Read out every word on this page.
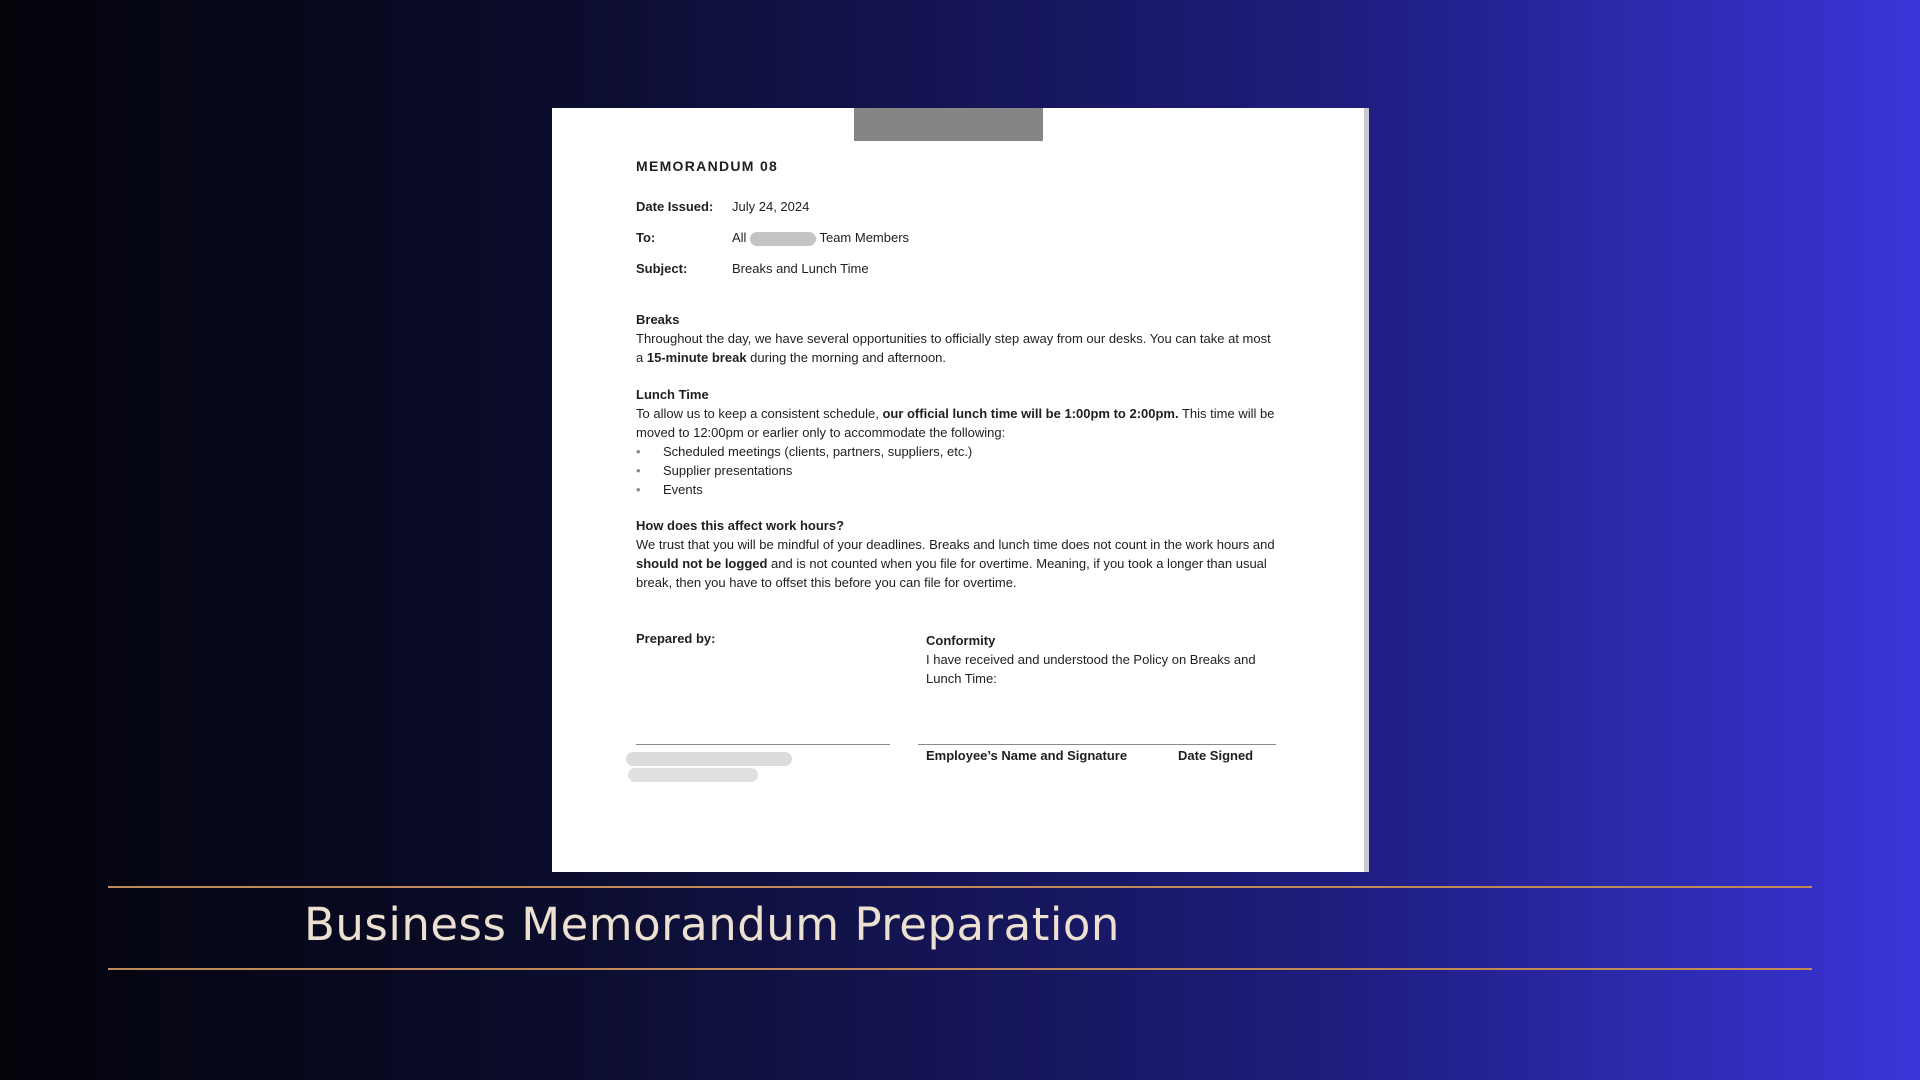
MEMORANDUM 08
Date Issued: July 24, 2024
To:	All	Team Members
Subject:	Breaks and Lunch Time
Breaks

Throughout the day, we have several opportunities to officially step away from our desks. You can take at most a 15-minute break during the morning and afternoon.

Lunch Time

To allow us to keep a consistent schedule, our official lunch time will be 1:00pm to 2:00pm. This time will be moved to 12:00pm or earlier only to accommodate the following:

• Scheduled meetings (clients, partners, suppliers, etc.)
• Supplier presentations
• Events
How does this affect work hours?

We trust that you will be mindful of your deadlines. Breaks and lunch time does not count in the work hours and should not be logged and is not counted when you file for overtime. Meaning, if you took a longer than usual break, then you have to offset this before you can file for overtime.

Prepared by:	Conformity
I have received and understood the Policy on Breaks and Lunch Time:
Employee’s Name and Signature	Date Signed
Business Memorandum Preparation
